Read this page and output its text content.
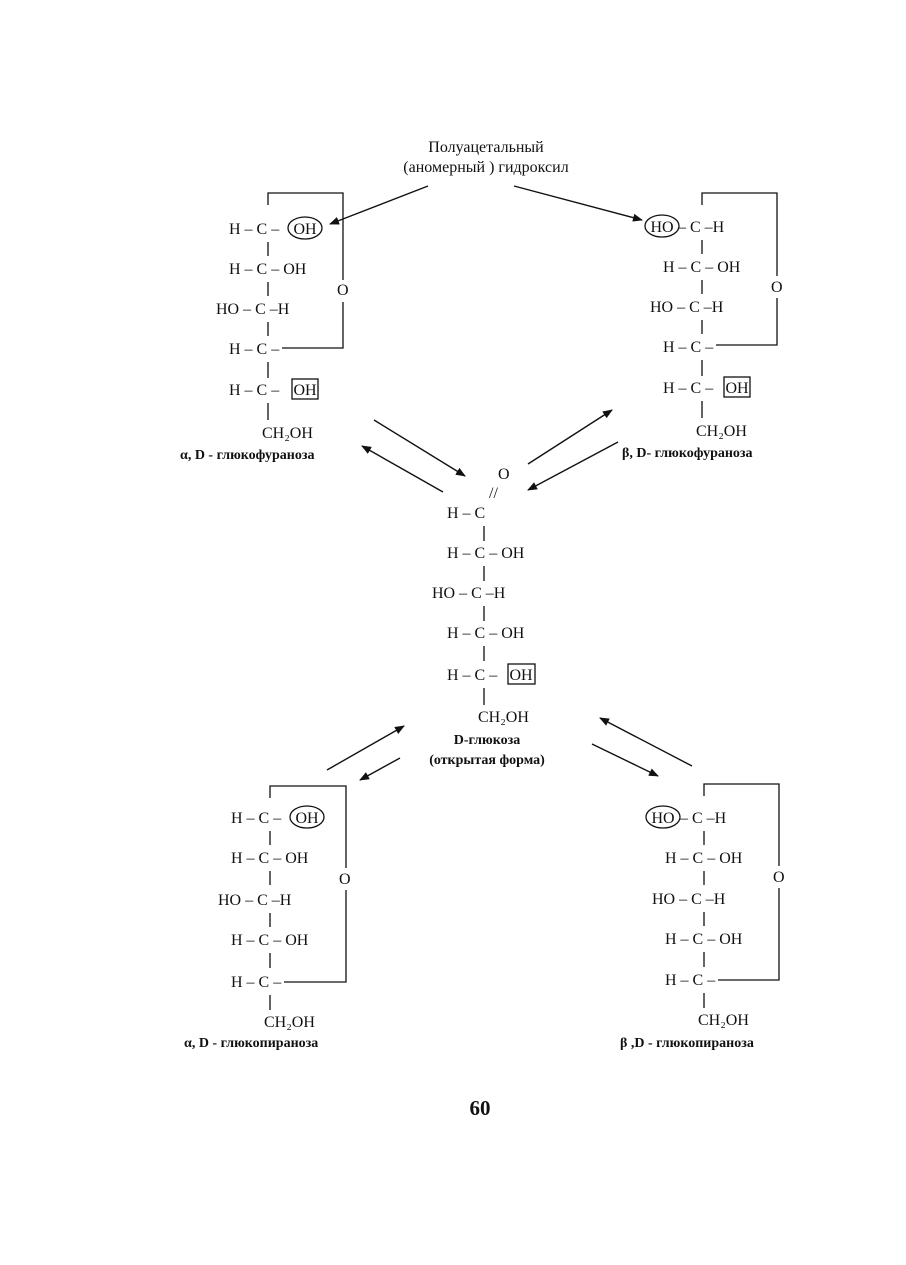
Полуацетальный
(аномерный ) гидроксил
O
H – C – OH
H – C – OH
HO – C –H
H – C –
H – C – OH
CH₂OH
α, D - глюкофураноза
O
HO – C –H
H – C – OH
HO – C –H
H – C –
H – C – OH
CH₂OH
β, D- глюкофураноза
O
//
H – C
H – C – OH
HO – C –H
H – C – OH
H – C – OH
CH₂OH
D-глюкоза
(открытая форма)
O
H – C – OH
H – C – OH
HO – C –H
H – C – OH
H – C –
CH₂OH
α, D - глюкопираноза
O
HO – C –H
H – C – OH
HO – C –H
H – C – OH
H – C –
CH₂OH
β ,D - глюкопираноза
60
